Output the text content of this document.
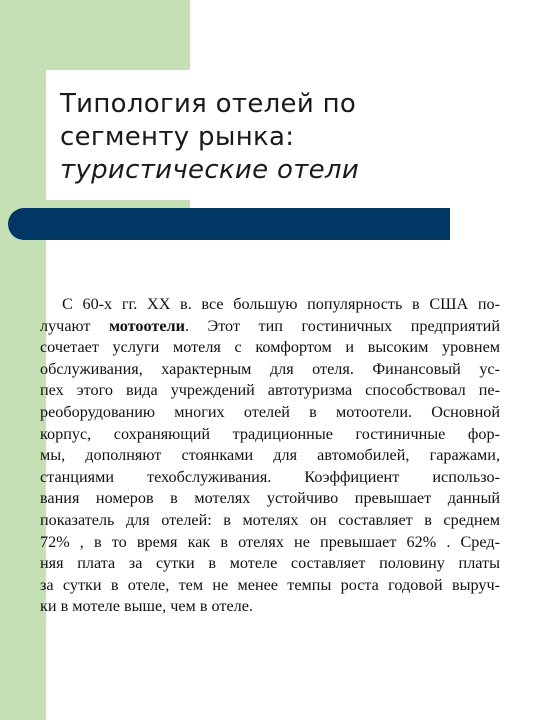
Типология отелей по
сегменту рынка:
туристические отели
С 60-х гг. XX в. все большую популярность в США по-
лучают мотоотели. Этот тип гостиничных предприятий
сочетает услуги мотеля с комфортом и высоким уровнем
обслуживания, характерным для отеля. Финансовый ус-
пех этого вида учреждений автотуризма способствовал пе-
реоборудованию многих отелей в мотоотели. Основной
корпус, сохраняющий традиционные гостиничные фор-
мы, дополняют стоянками для автомобилей, гаражами,
станциями техобслуживания. Коэффициент использо-
вания номеров в мотелях устойчиво превышает данный
показатель для отелей: в мотелях он составляет в среднем
72% , в то время как в отелях не превышает 62% . Сред-
няя плата за сутки в мотеле составляет половину платы
за сутки в отеле, тем не менее темпы роста годовой выруч-
ки в мотеле выше, чем в отеле.
